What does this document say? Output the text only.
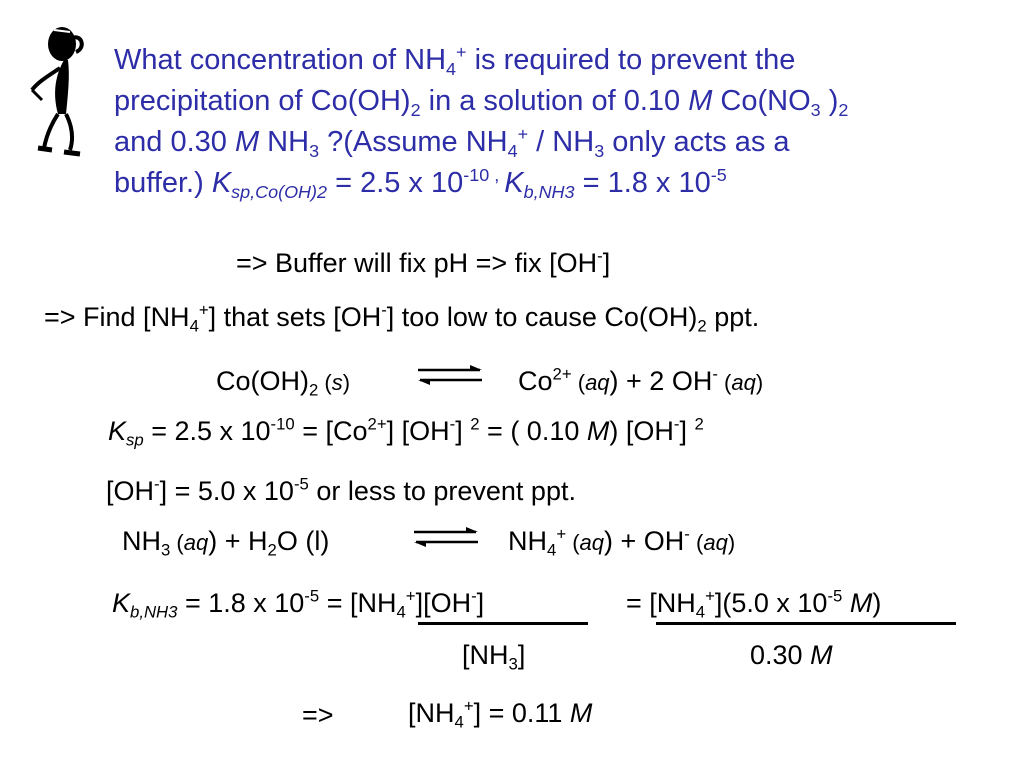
What concentration of $NH_4^+$ is required to prevent the
precipitation of $Co(OH)_2$ in a solution of 0.10 M $Co(NO_3$ )$_2$
and 0.30 M $NH_3$ ?(Assume $NH_4^+ / NH_3$ only acts as a
buffer.) $K_{sp,Co(OH)2} = 2.5$ x $10^{-10}$ , $K_{b,NH3} = 1.8$ x $10^{-5}$
=> Buffer will fix pH => fix [OH-]
=> Find $[NH_4^+]$ that sets [OH-] too low to cause $Co(OH)_2$ ppt.
$Co(OH)_2$ (s)	$Co^{2+}$ (aq) + 2 OH- (aq)
$K_{sp} = 2.5$ x $10^{-10} = [Co^{2+}]$ [OH-] $^2$ = ( 0.10 M) [OH-] $^2$
[OH-] = 5.0 x $10^{-5}$ or less to prevent ppt.
$NH_3$ $(aq) + H_2O$ (l)	$NH_4^+$ (aq) + OH- (aq)
$K_{b,NH3} = 1.8$ x $10^{-5} = [NH_4^+][OH^-]$	= $[NH_4^+](5.0$ x $10^{-5}$ M)
$[NH_3]$	0.30 M
=>	$[NH_4^+] = 0.11$ M
